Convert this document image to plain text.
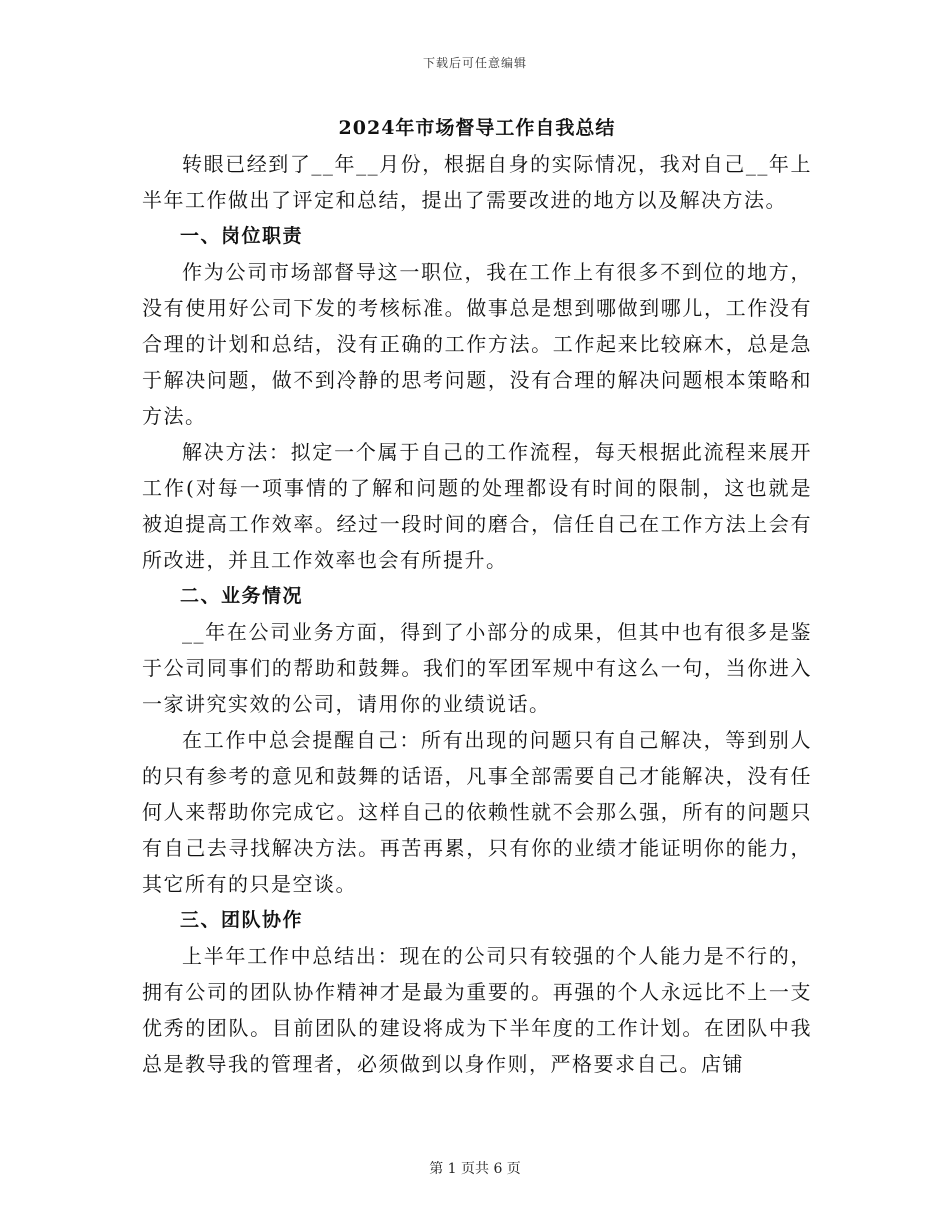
下载后可任意编辑
2024年市场督导工作自我总结

转眼已经到了__年__月份，根据自身的实际情况，我对自己__年上半年工作做出了评定和总结，提出了需要改进的地方以及解决方法。

一、岗位职责

作为公司市场部督导这一职位，我在工作上有很多不到位的地方，没有使用好公司下发的考核标准。做事总是想到哪做到哪儿，工作没有合理的计划和总结，没有正确的工作方法。工作起来比较麻木，总是急于解决问题，做不到冷静的思考问题，没有合理的解决问题根本策略和方法。

解决方法：拟定一个属于自己的工作流程，每天根据此流程来展开工作(对每一项事情的了解和问题的处理都设有时间的限制，这也就是被迫提高工作效率。经过一段时间的磨合，信任自己在工作方法上会有所改进，并且工作效率也会有所提升。

二、业务情况

__年在公司业务方面，得到了小部分的成果，但其中也有很多是鉴于公司同事们的帮助和鼓舞。我们的军团军规中有这么一句，当你进入一家讲究实效的公司，请用你的业绩说话。

在工作中总会提醒自己：所有出现的问题只有自己解决，等到别人的只有参考的意见和鼓舞的话语，凡事全部需要自己才能解决，没有任何人来帮助你完成它。这样自己的依赖性就不会那么强，所有的问题只有自己去寻找解决方法。再苦再累，只有你的业绩才能证明你的能力，其它所有的只是空谈。

三、团队协作

上半年工作中总结出：现在的公司只有较强的个人能力是不行的，拥有公司的团队协作精神才是最为重要的。再强的个人永远比不上一支优秀的团队。目前团队的建设将成为下半年度的工作计划。在团队中我总是教导我的管理者，必须做到以身作则，严格要求自己。店铺

第 1 页共 6 页
